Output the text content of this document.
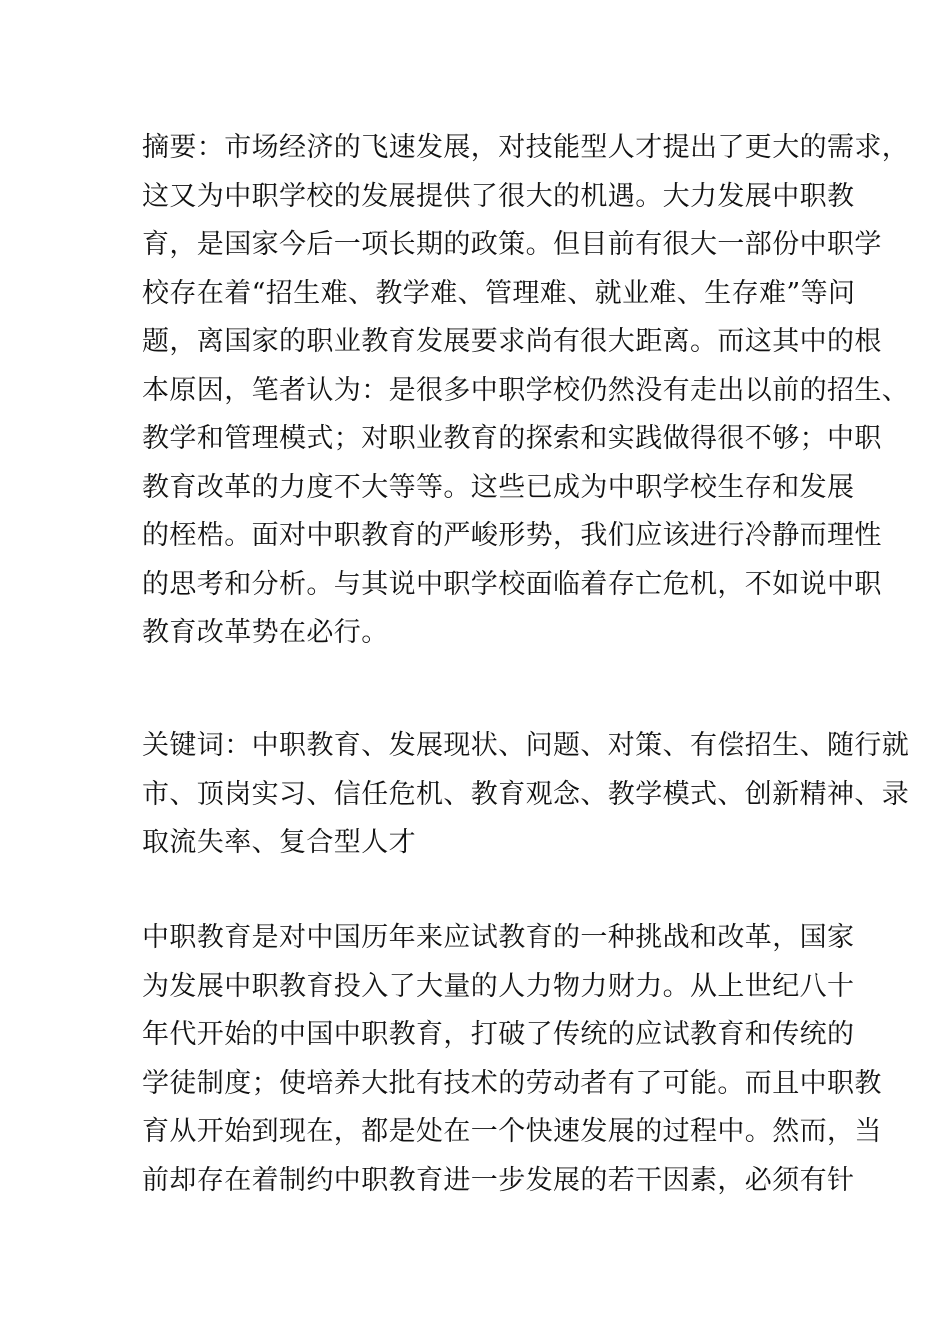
摘要：市场经济的飞速发展，对技能型人才提出了更大的需求，
这又为中职学校的发展提供了很大的机遇。大力发展中职教
育，是国家今后一项长期的政策。但目前有很大一部份中职学
校存在着“招生难、教学难、管理难、就业难、生存难”等问
题，离国家的职业教育发展要求尚有很大距离。而这其中的根
本原因，笔者认为：是很多中职学校仍然没有走出以前的招生、
教学和管理模式；对职业教育的探索和实践做得很不够；中职
教育改革的力度不大等等。这些已成为中职学校生存和发展
的桎梏。面对中职教育的严峻形势，我们应该进行冷静而理性
的思考和分析。与其说中职学校面临着存亡危机，不如说中职
教育改革势在必行。
关键词：中职教育、发展现状、问题、对策、有偿招生、随行就
市、顶岗实习、信任危机、教育观念、教学模式、创新精神、录
取流失率、复合型人才
中职教育是对中国历年来应试教育的一种挑战和改革，国家
为发展中职教育投入了大量的人力物力财力。从上世纪八十
年代开始的中国中职教育，打破了传统的应试教育和传统的
学徒制度；使培养大批有技术的劳动者有了可能。而且中职教
育从开始到现在，都是处在一个快速发展的过程中。然而，当
前却存在着制约中职教育进一步发展的若干因素，必须有针
